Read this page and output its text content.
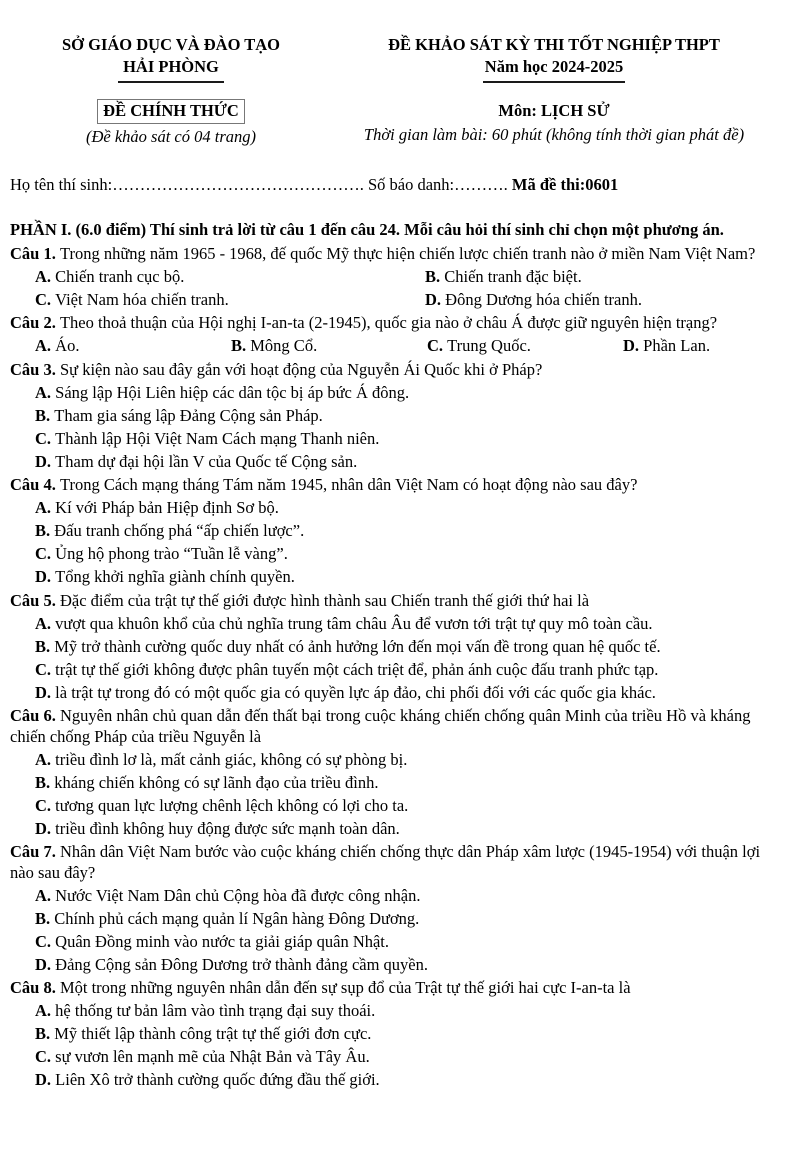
SỞ GIÁO DỤC VÀ ĐÀO TẠO
HẢI PHÒNG
ĐỀ CHÍNH THỨC
(Đề khảo sát có 04 trang)
ĐỀ KHẢO SÁT KỲ THI TỐT NGHIỆP THPT
Năm học 2024-2025
Môn: LỊCH SỬ
Thời gian làm bài: 60 phút (không tính thời gian phát đề)
Họ tên thí sinh:………………………………………. Số báo danh:………. Mã đề thi:0601
PHẦN I. (6.0 điểm) Thí sinh trả lời từ câu 1 đến câu 24. Mỗi câu hỏi thí sinh chỉ chọn một phương án.

Câu 1. Trong những năm 1965 - 1968, đế quốc Mỹ thực hiện chiến lược chiến tranh nào ở miền Nam Việt Nam?

A. Chiến tranh cục bộ.	B. Chiến tranh đặc biệt.
C. Việt Nam hóa chiến tranh.	D. Đông Dương hóa chiến tranh.

Câu 2. Theo thoả thuận của Hội nghị I-an-ta (2-1945), quốc gia nào ở châu Á được giữ nguyên hiện trạng?

A. Áo.	B. Mông Cổ.	C. Trung Quốc.	D. Phần Lan.

Câu 3. Sự kiện nào sau đây gắn với hoạt động của Nguyễn Ái Quốc khi ở Pháp?

A. Sáng lập Hội Liên hiệp các dân tộc bị áp bức Á đông.
B. Tham gia sáng lập Đảng Cộng sản Pháp.
C. Thành lập Hội Việt Nam Cách mạng Thanh niên.
D. Tham dự đại hội lần V của Quốc tế Cộng sản.

Câu 4. Trong Cách mạng tháng Tám năm 1945, nhân dân Việt Nam có hoạt động nào sau đây?

A. Kí với Pháp bản Hiệp định Sơ bộ.
B. Đấu tranh chống phá “ấp chiến lược”.
C. Ủng hộ phong trào “Tuần lễ vàng”.
D. Tổng khởi nghĩa giành chính quyền.

Câu 5. Đặc điểm của trật tự thế giới được hình thành sau Chiến tranh thế giới thứ hai là

A. vượt qua khuôn khổ của chủ nghĩa trung tâm châu Âu để vươn tới trật tự quy mô toàn cầu.
B. Mỹ trở thành cường quốc duy nhất có ảnh hưởng lớn đến mọi vấn đề trong quan hệ quốc tế.
C. trật tự thế giới không được phân tuyến một cách triệt để, phản ánh cuộc đấu tranh phức tạp.
D. là trật tự trong đó có một quốc gia có quyền lực áp đảo, chi phối đối với các quốc gia khác.

Câu 6. Nguyên nhân chủ quan dẫn đến thất bại trong cuộc kháng chiến chống quân Minh của triều Hồ và kháng chiến chống Pháp của triều Nguyễn là

A. triều đình lơ là, mất cảnh giác, không có sự phòng bị.
B. kháng chiến không có sự lãnh đạo của triều đình.
C. tương quan lực lượng chênh lệch không có lợi cho ta.
D. triều đình không huy động được sức mạnh toàn dân.

Câu 7. Nhân dân Việt Nam bước vào cuộc kháng chiến chống thực dân Pháp xâm lược (1945-1954) với thuận lợi nào sau đây?

A. Nước Việt Nam Dân chủ Cộng hòa đã được công nhận.
B. Chính phủ cách mạng quản lí Ngân hàng Đông Dương.
C. Quân Đồng minh vào nước ta giải giáp quân Nhật.
D. Đảng Cộng sản Đông Dương trở thành đảng cầm quyền.

Câu 8. Một trong những nguyên nhân dẫn đến sự sụp đổ của Trật tự thế giới hai cực I-an-ta là

A. hệ thống tư bản lâm vào tình trạng đại suy thoái.
B. Mỹ thiết lập thành công trật tự thế giới đơn cực.
C. sự vươn lên mạnh mẽ của Nhật Bản và Tây Âu.
D. Liên Xô trở thành cường quốc đứng đầu thế giới.
